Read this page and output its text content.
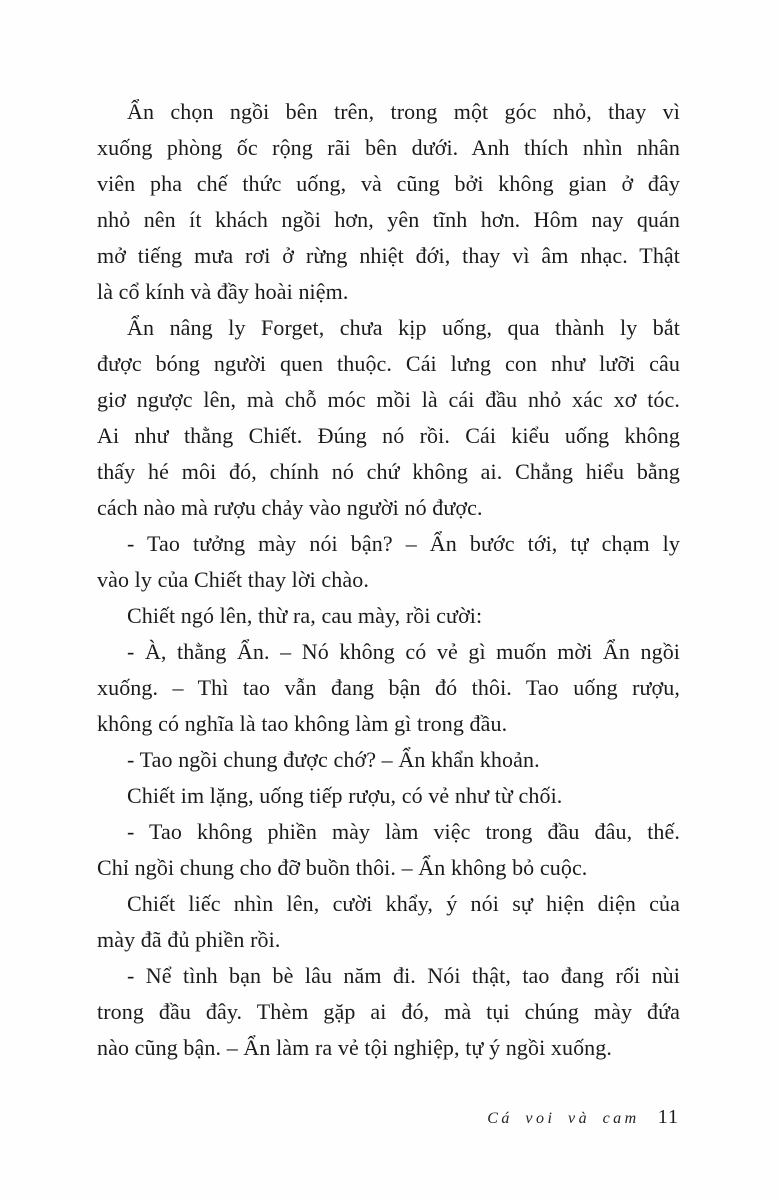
Ẩn chọn ngồi bên trên, trong một góc nhỏ, thay vì
xuống phòng ốc rộng rãi bên dưới. Anh thích nhìn nhân
viên pha chế thức uống, và cũng bởi không gian ở đây
nhỏ nên ít khách ngồi hơn, yên tĩnh hơn. Hôm nay quán
mở tiếng mưa rơi ở rừng nhiệt đới, thay vì âm nhạc. Thật
là cổ kính và đầy hoài niệm.
Ẩn nâng ly Forget, chưa kịp uống, qua thành ly bắt
được bóng người quen thuộc. Cái lưng con như lưỡi câu
giơ ngược lên, mà chỗ móc mồi là cái đầu nhỏ xác xơ tóc.
Ai như thằng Chiết. Đúng nó rồi. Cái kiểu uống không
thấy hé môi đó, chính nó chứ không ai. Chẳng hiểu bằng
cách nào mà rượu chảy vào người nó được.
- Tao tưởng mày nói bận? – Ẩn bước tới, tự chạm ly
vào ly của Chiết thay lời chào.
Chiết ngó lên, thừ ra, cau mày, rồi cười:
- À, thằng Ẩn. – Nó không có vẻ gì muốn mời Ẩn ngồi
xuống. – Thì tao vẫn đang bận đó thôi. Tao uống rượu,
không có nghĩa là tao không làm gì trong đầu.
- Tao ngồi chung được chớ? – Ẩn khẩn khoản.
Chiết im lặng, uống tiếp rượu, có vẻ như từ chối.
- Tao không phiền mày làm việc trong đầu đâu, thế.
Chỉ ngồi chung cho đỡ buồn thôi. – Ẩn không bỏ cuộc.
Chiết liếc nhìn lên, cười khẩy, ý nói sự hiện diện của
mày đã đủ phiền rồi.
- Nể tình bạn bè lâu năm đi. Nói thật, tao đang rối nùi
trong đầu đây. Thèm gặp ai đó, mà tụi chúng mày đứa
nào cũng bận. – Ẩn làm ra vẻ tội nghiệp, tự ý ngồi xuống.
Cá voi và cam 11
